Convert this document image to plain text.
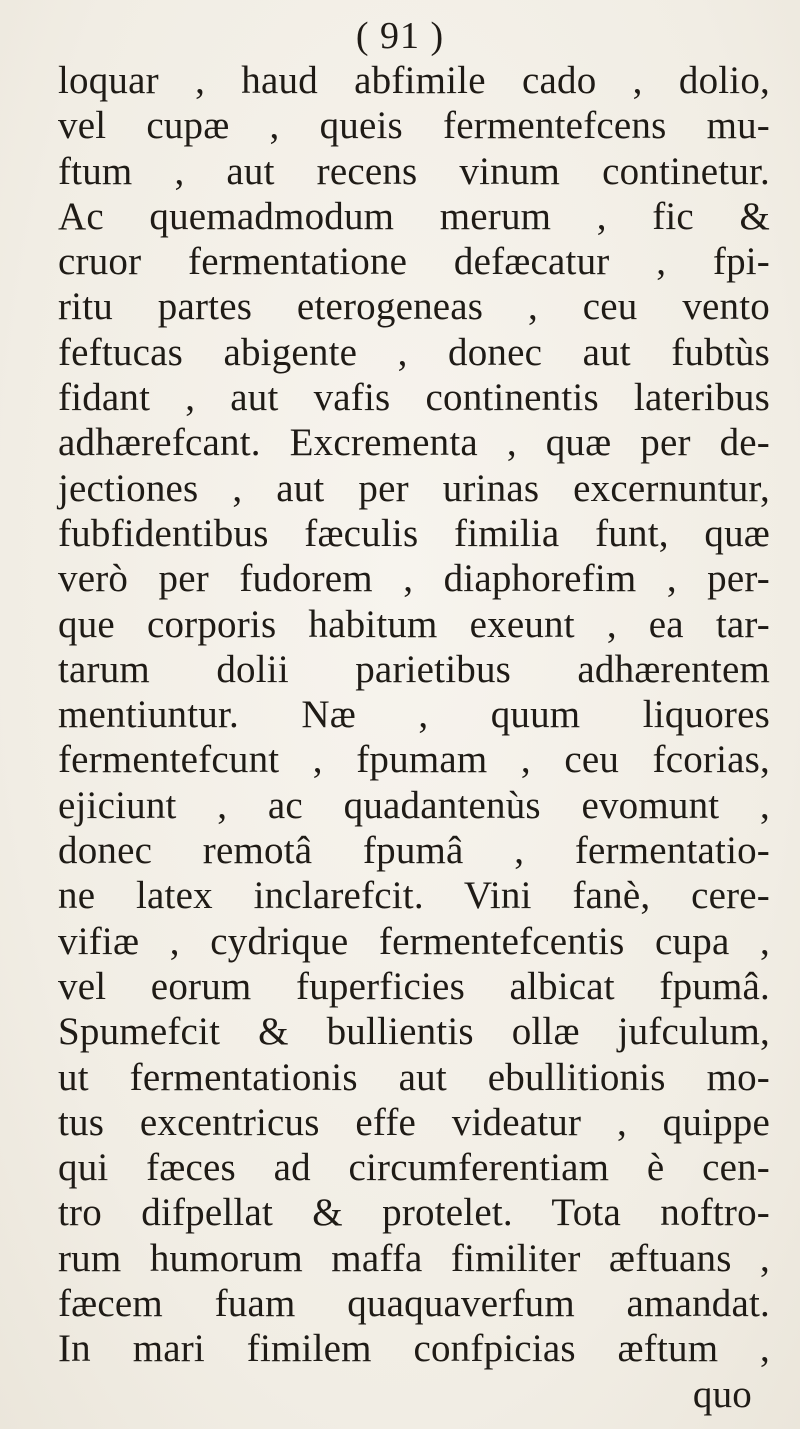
( 91 )
loquar , haud abfimile cado , dolio,
vel cupæ , queis fermentefcens mu-
ftum , aut recens vinum continetur.
Ac quemadmodum merum , fic &
cruor fermentatione defæcatur , fpi-
ritu partes eterogeneas , ceu vento
feftucas abigente , donec aut fubtùs
fidant , aut vafis continentis lateribus
adhærefcant. Excrementa , quæ per de-
jectiones , aut per urinas excernuntur,
fubfidentibus fæculis fimilia funt, quæ
verò per fudorem , diaphorefim , per-
que corporis habitum exeunt , ea tar-
tarum dolii parietibus adhærentem
mentiuntur. Næ , quum liquores
fermentefcunt , fpumam , ceu fcorias,
ejiciunt , ac quadantenùs evomunt ,
donec remotâ fpumâ , fermentatio-
ne latex inclarefcit. Vini fanè, cere-
vifiæ , cydrique fermentefcentis cupa ,
vel eorum fuperficies albicat fpumâ.
Spumefcit & bullientis ollæ jufculum,
ut fermentationis aut ebullitionis mo-
tus excentricus effe videatur , quippe
qui fæces ad circumferentiam è cen-
tro difpellat & protelet. Tota noftro-
rum humorum maffa fimiliter æftuans ,
fæcem fuam quaquaverfum amandat.
In mari fimilem confpicias æftum ,
quo
